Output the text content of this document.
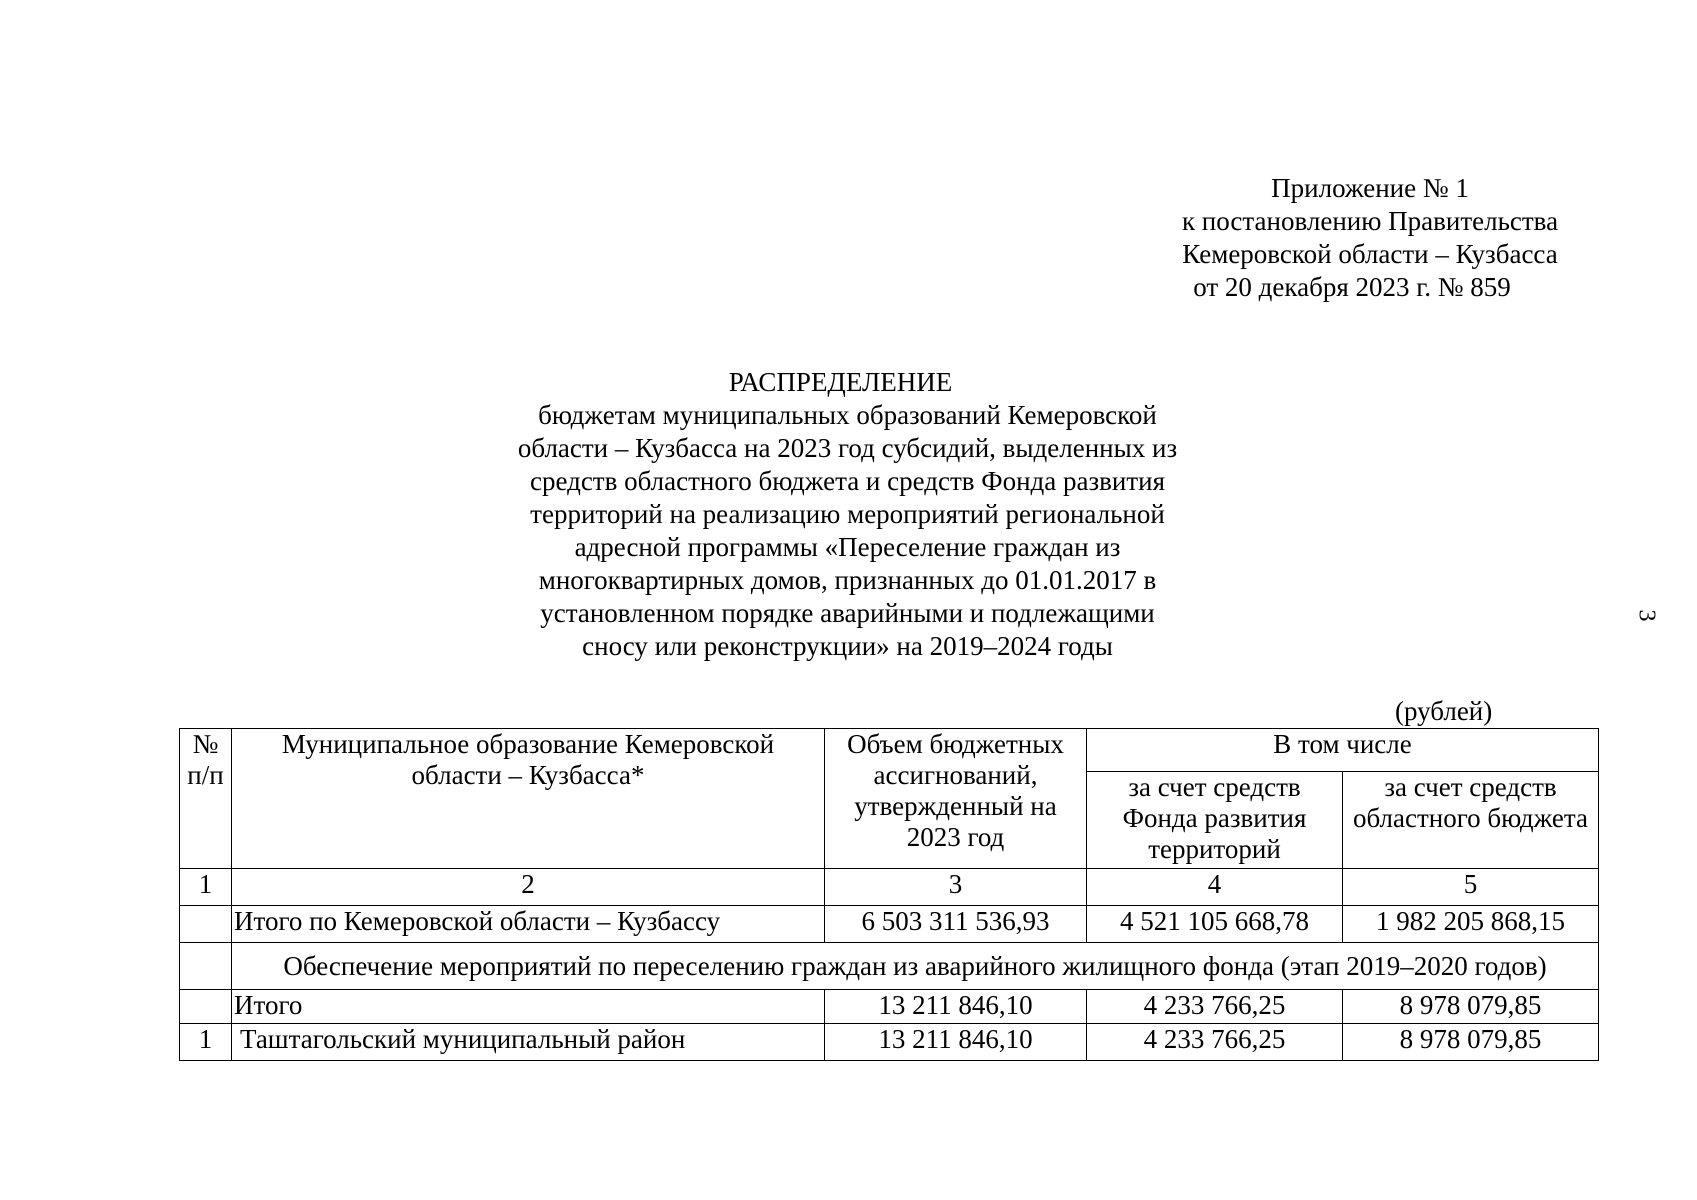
Приложение № 1
к постановлению Правительства
Кемеровской области – Кузбасса
от 20 декабря 2023 г. № 859
РАСПРЕДЕЛЕНИЕ
бюджетам муниципальных образований Кемеровской
области – Кузбасса на 2023 год субсидий, выделенных из
средств областного бюджета и средств Фонда развития
территорий на реализацию мероприятий региональной
адресной программы «Переселение граждан из
многоквартирных домов, признанных до 01.01.2017 в
установленном порядке аварийными и подлежащими
сносу или реконструкции» на 2019–2024 годы
3
(рублей)
№ п/п	Муниципальное образование Кемеровской области – Кузбасса*	Объем бюджетных ассигнований, утвержденный на 2023 год	В том числе	
			за счет средств Фонда развития территорий	за счет средств областного бюджета
1	2	3	4	5
	Итого по Кемеровской области – Кузбассу	6 503 311 536,93	4 521 105 668,78	1 982 205 868,15
	Обеспечение мероприятий по переселению граждан из аварийного жилищного фонда (этап 2019–2020 годов)			
	Итого	13 211 846,10	4 233 766,25	8 978 079,85
1	Таштагольский муниципальный район	13 211 846,10	4 233 766,25	8 978 079,85
